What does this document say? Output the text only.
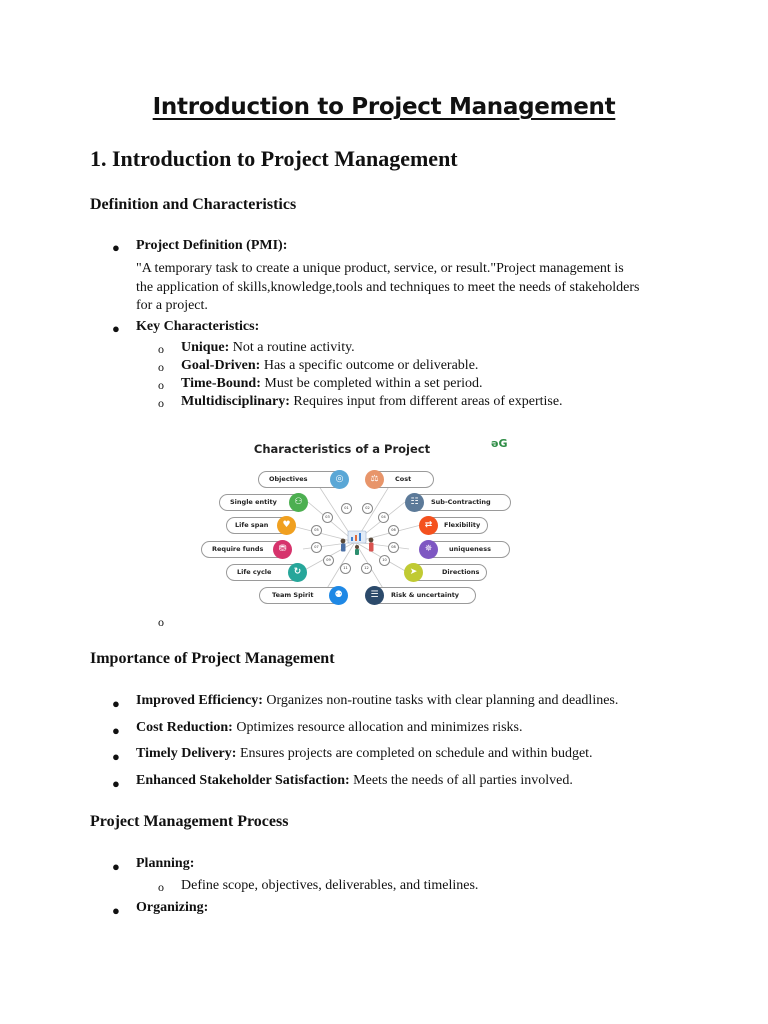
Introduction to Project Management
1. Introduction to Project Management
Definition and Characteristics
● Project Definition (PMI):
"A temporary task to create a unique product, service, or result."Project management is
the application of skills,knowledge,tools and techniques to meet the needs of stakeholders
for a project.
● Key Characteristics:
o Unique: Not a routine activity.
o Goal-Driven: Has a specific outcome or deliverable.
o Time-Bound: Must be completed within a set period.
o Multidisciplinary: Requires input from different areas of expertise.
Characteristics of a Project	əG
Objectives	◎
Single entity	⚇
Life span	♥
Require funds	⛃
Life cycle	↻
Team Spirit	⚉
⚖	Cost
☷	Sub-Contracting
⇄	Flexibility
✵	uniqueness
➤	Directions
☰	Risk & uncertainty
01	02
03	04
05	06
07	08
09	10
11	12
o
Importance of Project Management
● Improved Efficiency: Organizes non-routine tasks with clear planning and deadlines.
● Cost Reduction: Optimizes resource allocation and minimizes risks.
● Timely Delivery: Ensures projects are completed on schedule and within budget.
● Enhanced Stakeholder Satisfaction: Meets the needs of all parties involved.
Project Management Process
● Planning:
o Define scope, objectives, deliverables, and timelines.
● Organizing:
